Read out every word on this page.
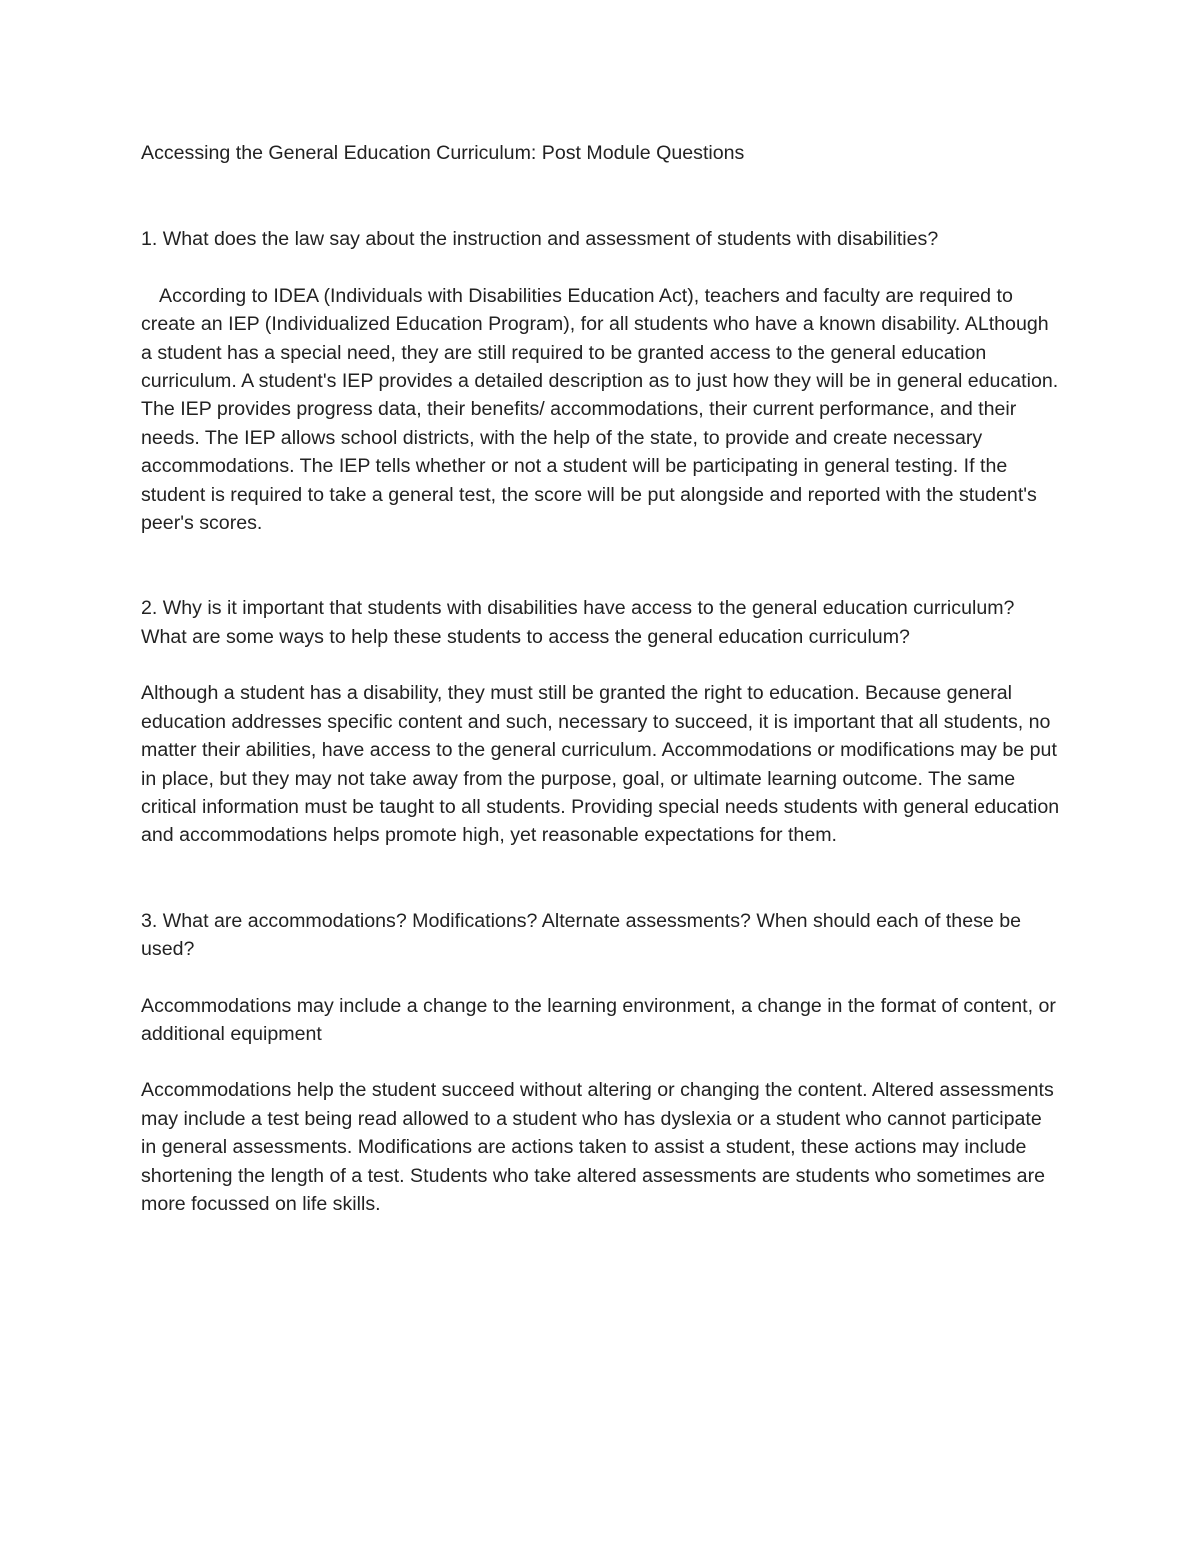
Accessing the General Education Curriculum: Post Module Questions

1. What does the law say about the instruction and assessment of students with disabilities?

According to IDEA (Individuals with Disabilities Education Act), teachers and faculty are required to create an IEP (Individualized Education Program), for all students who have a known disability. ALthough a student has a special need, they are still required to be granted access to the general education curriculum. A student's IEP provides a detailed description as to just how they will be in general education. The IEP provides progress data, their benefits/ accommodations, their current performance, and their needs. The IEP allows school districts, with the help of the state, to provide and create necessary accommodations. The IEP tells whether or not a student will be participating in general testing. If the student is required to take a general test, the score will be put alongside and reported with the student's peer's scores.

2. Why is it important that students with disabilities have access to the general education curriculum? What are some ways to help these students to access the general education curriculum?

Although a student has a disability, they must still be granted the right to education. Because general education addresses specific content and such, necessary to succeed, it is important that all students, no matter their abilities, have access to the general curriculum. Accommodations or modifications may be put in place, but they may not take away from the purpose, goal, or ultimate learning outcome. The same critical information must be taught to all students. Providing special needs students with general education and accommodations helps promote high, yet reasonable expectations for them.

3. What are accommodations? Modifications? Alternate assessments? When should each of these be used?

Accommodations may include a change to the learning environment, a change in the format of content, or additional equipment

Accommodations help the student succeed without altering or changing the content. Altered assessments may include a test being read allowed to a student who has dyslexia or a student who cannot participate in general assessments. Modifications are actions taken to assist a student, these actions may include shortening the length of a test. Students who take altered assessments are students who sometimes are more focussed on life skills.
